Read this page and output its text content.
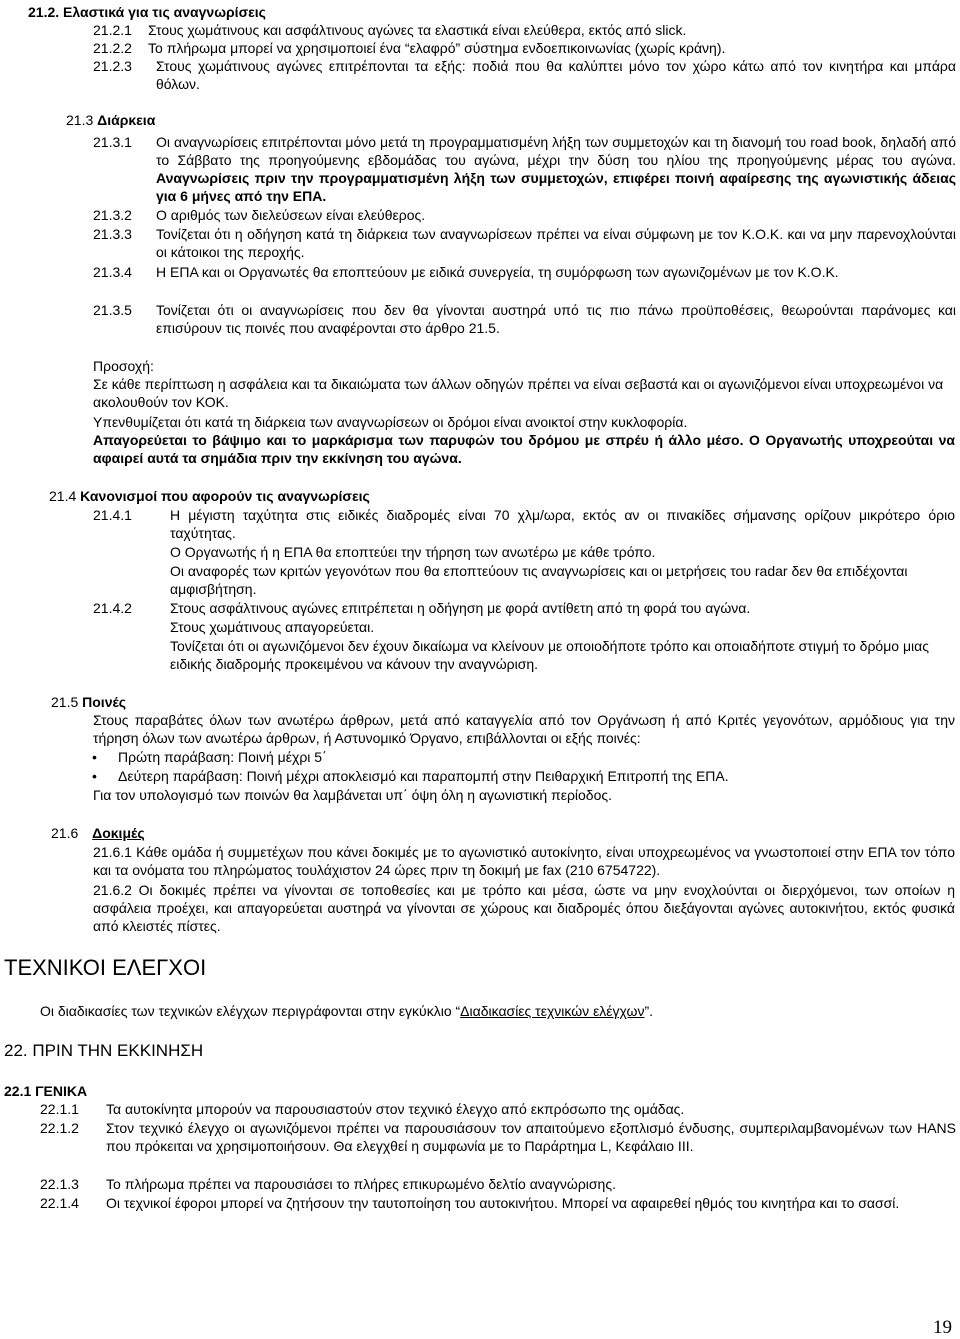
21.2. Ελαστικά για τις αναγνωρίσεις
21.2.1 Στους χωμάτινους και ασφάλτινους αγώνες τα ελαστικά είναι ελεύθερα, εκτός από slick.
21.2.2 Το πλήρωμα μπορεί να χρησιμοποιεί ένα “ελαφρό” σύστημα ενδοεπικοινωνίας (χωρίς κράνη).
21.2.3 Στους χωμάτινους αγώνες επιτρέπονται τα εξής: ποδιά που θα καλύπτει μόνο τον χώρο κάτω από τον κινητήρα και μπάρα θόλων.
21.3 Διάρκεια
21.3.1 Οι αναγνωρίσεις επιτρέπονται μόνο μετά τη προγραμματισμένη λήξη των συμμετοχών και τη διανομή του road book, δηλαδή από το Σάββατο της προηγούμενης εβδομάδας του αγώνα, μέχρι την δύση του ηλίου της προηγούμενης μέρας του αγώνα. Αναγνωρίσεις πριν την προγραμματισμένη λήξη των συμμετοχών, επιφέρει ποινή αφαίρεσης της αγωνιστικής άδειας για 6 μήνες από την ΕΠΑ.
21.3.2 Ο αριθμός των διελεύσεων είναι ελεύθερος.
21.3.3 Τονίζεται ότι η οδήγηση κατά τη διάρκεια των αναγνωρίσεων πρέπει να είναι σύμφωνη με τον Κ.Ο.Κ. και να μην παρενοχλούνται οι κάτοικοι της περοχής.
21.3.4 Η ΕΠΑ και οι Οργανωτές θα εποπτεύουν με ειδικά συνεργεία, τη συμόρφωση των αγωνιζομένων με τον Κ.Ο.Κ.
21.3.5 Τονίζεται ότι οι αναγνωρίσεις που δεν θα γίνονται αυστηρά υπό τις πιο πάνω προϋποθέσεις, θεωρούνται παράνομες και επισύρουν τις ποινές που αναφέρονται στο άρθρο 21.5.
Προσοχή:
Σε κάθε περίπτωση η ασφάλεια και τα δικαιώματα των άλλων οδηγών πρέπει να είναι σεβαστά και οι αγωνιζόμενοι είναι υποχρεωμένοι να ακολουθούν τον ΚΟΚ.
Υπενθυμίζεται ότι κατά τη διάρκεια των αναγνωρίσεων οι δρόμοι είναι ανοικτοί στην κυκλοφορία.
Απαγορεύεται το βάψιμο και το μαρκάρισμα των παρυφών του δρόμου με σπρέυ ή άλλο μέσο. Ο Οργανωτής υποχρεούται να αφαιρεί αυτά τα σημάδια πριν την εκκίνηση του αγώνα.
21.4 Κανονισμοί που αφορούν τις αναγνωρίσεις
21.4.1	Η μέγιστη ταχύτητα στις ειδικές διαδρομές είναι 70 χλμ/ωρα, εκτός αν οι πινακίδες σήμανσης ορίζουν μικρότερο όριο ταχύτητας.
Ο Οργανωτής ή η ΕΠΑ θα εποπτεύει την τήρηση των ανωτέρω με κάθε τρόπο.
Οι αναφορές των κριτών γεγονότων που θα εποπτεύουν τις αναγνωρίσεις και οι μετρήσεις του radar δεν θα επιδέχονται αμφισβήτηση.
21.4.2	Στους ασφάλτινους αγώνες επιτρέπεται η οδήγηση με φορά αντίθετη από τη φορά του αγώνα.
Στους χωμάτινους απαγορεύεται.
Τονίζεται ότι οι αγωνιζόμενοι δεν έχουν δικαίωμα να κλείνουν με οποιοδήποτε τρόπο και οποιαδήποτε στιγμή το δρόμο μιας ειδικής διαδρομής προκειμένου να κάνουν την αναγνώριση.
21.5 Ποινές
Στους παραβάτες όλων των ανωτέρω άρθρων, μετά από καταγγελία από τον Οργάνωση ή από Κριτές γεγονότων, αρμόδιους για την τήρηση όλων των ανωτέρω άρθρων, ή Αστυνομικό Όργανο, επιβάλλονται οι εξής ποινές:
• Πρώτη παράβαση: Ποινή μέχρι 5΄
• Δεύτερη παράβαση: Ποινή μέχρι αποκλεισμό και παραπομπή στην Πειθαρχική Επιτροπή της ΕΠΑ.
Για τον υπολογισμό των ποινών θα λαμβάνεται υπ΄ όψη όλη η αγωνιστική περίοδος.
21.6 Δοκιμές
21.6.1 Κάθε ομάδα ή συμμετέχων που κάνει δοκιμές με το αγωνιστικό αυτοκίνητο, είναι υποχρεωμένος να γνωστοποιεί στην ΕΠΑ τον τόπο και τα ονόματα του πληρώματος τουλάχιστον 24 ώρες πριν τη δοκιμή με fax (210 6754722).
21.6.2 Οι δοκιμές πρέπει να γίνονται σε τοποθεσίες και με τρόπο και μέσα, ώστε να μην ενοχλούνται οι διερχόμενοι, των οποίων η ασφάλεια προέχει, και απαγορεύεται αυστηρά να γίνονται σε χώρους και διαδρομές όπου διεξάγονται αγώνες αυτοκινήτου, εκτός φυσικά από κλειστές πίστες.
ΤΕΧΝΙΚΟΙ ΕΛΕΓΧΟΙ
Οι διαδικασίες των τεχνικών ελέγχων περιγράφονται στην εγκύκλιο “Διαδικασίες τεχνικών ελέγχων”.
22. ΠΡΙΝ ΤΗΝ ΕΚΚΙΝΗΣΗ
22.1 ΓΕΝΙΚΑ
22.1.1 Τα αυτοκίνητα μπορούν να παρουσιαστούν στον τεχνικό έλεγχο από εκπρόσωπο της ομάδας.
22.1.2 Στον τεχνικό έλεγχο οι αγωνιζόμενοι πρέπει να παρουσιάσουν τον απαιτούμενο εξοπλισμό ένδυσης, συμπεριλαμβανομένων των HANS που πρόκειται να χρησιμοποιήσουν. Θα ελεγχθεί η συμφωνία με το Παράρτημα L, Κεφάλαιο ΙΙΙ.
22.1.3 Το πλήρωμα πρέπει να παρουσιάσει το πλήρες επικυρωμένο δελτίο αναγνώρισης.
22.1.4 Οι τεχνικοί έφοροι μπορεί να ζητήσουν την ταυτοποίηση του αυτοκινήτου. Μπορεί να αφαιρεθεί ηθμός του κινητήρα και το σασσί.
19
